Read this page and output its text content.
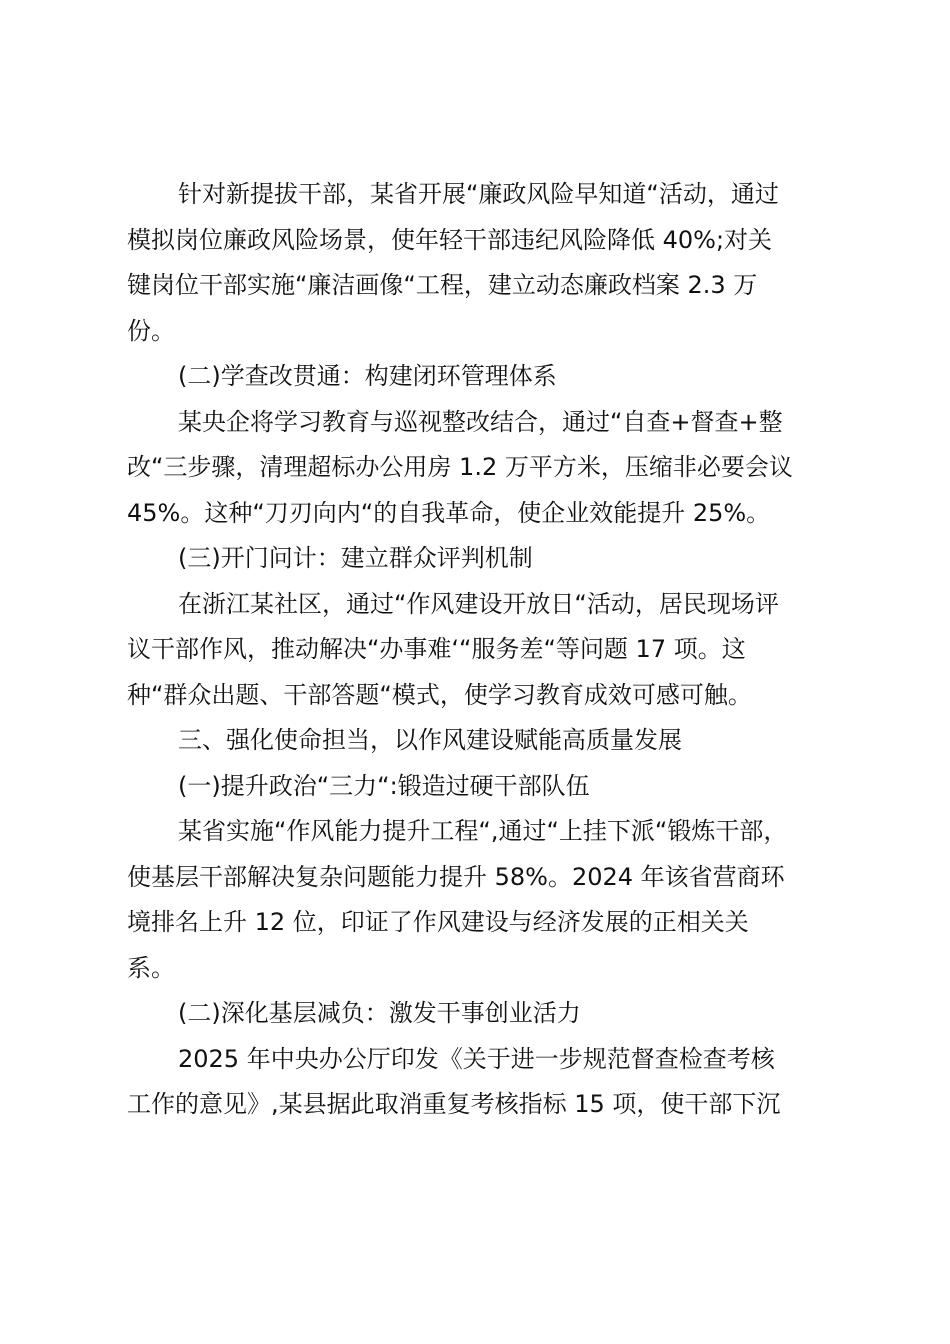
针对新提拔干部，某省开展“廉政风险早知道“活动，通过
模拟岗位廉政风险场景，使年轻干部违纪风险降低 40%;对关
键岗位干部实施“廉洁画像“工程，建立动态廉政档案 2.3 万
份。
(二)学查改贯通：构建闭环管理体系
某央企将学习教育与巡视整改结合，通过“自查+督查+整
改“三步骤，清理超标办公用房 1.2 万平方米，压缩非必要会议
45%。这种“刀刃向内“的自我革命，使企业效能提升 25%。
(三)开门问计：建立群众评判机制
在浙江某社区，通过“作风建设开放日“活动，居民现场评
议干部作风，推动解决“办事难‘“服务差“等问题 17 项。这
种“群众出题、干部答题“模式，使学习教育成效可感可触。
三、强化使命担当，以作风建设赋能高质量发展
(一)提升政治“三力“:锻造过硬干部队伍
某省实施“作风能力提升工程“,通过“上挂下派“锻炼干部，
使基层干部解决复杂问题能力提升 58%。2024 年该省营商环
境排名上升 12 位，印证了作风建设与经济发展的正相关关
系。
(二)深化基层减负：激发干事创业活力
2025 年中央办公厅印发《关于进一步规范督查检查考核
工作的意见》,某县据此取消重复考核指标 15 项，使干部下沉
